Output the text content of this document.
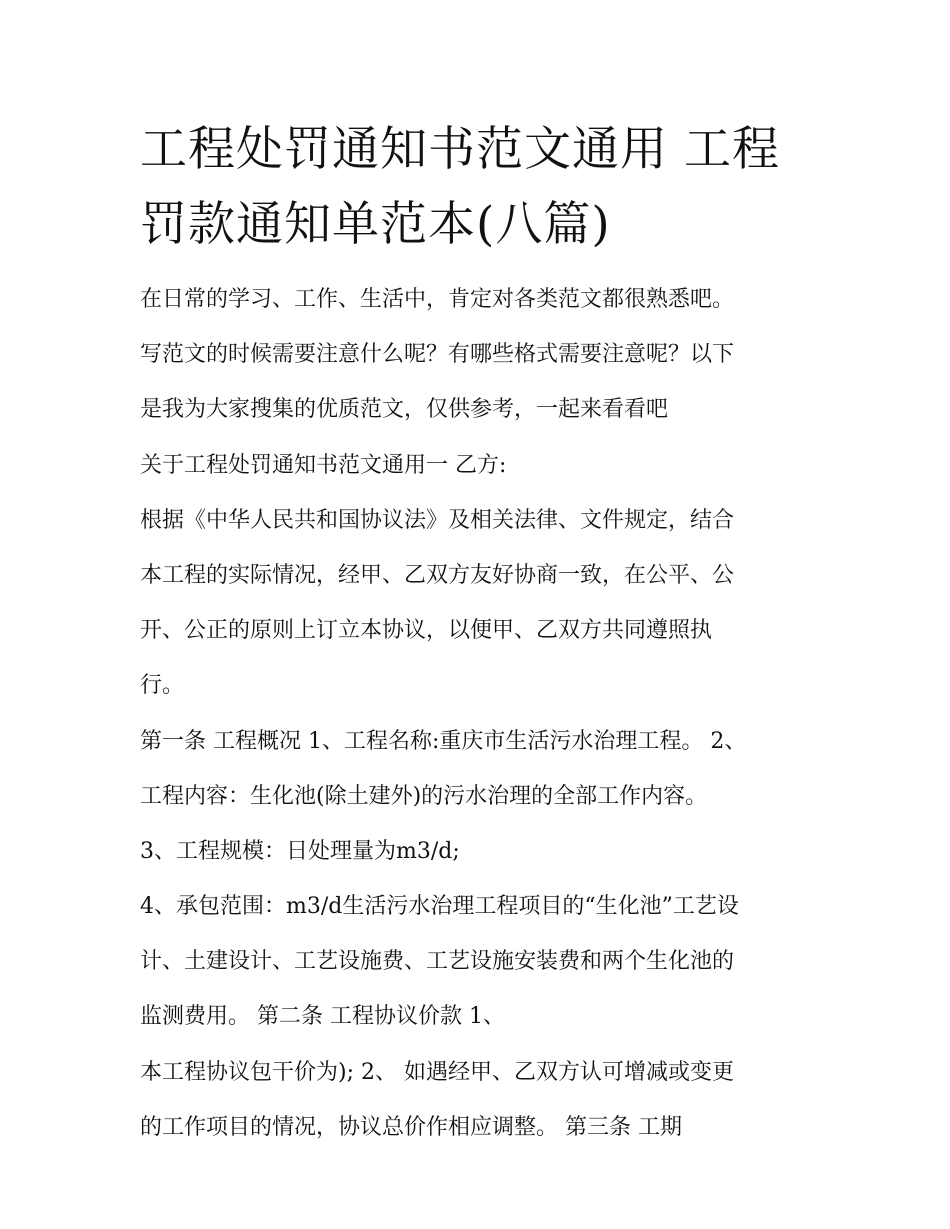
工程处罚通知书范文通用 工程
罚款通知单范本(八篇)
在日常的学习、工作、生活中，肯定对各类范文都很熟悉吧。
写范文的时候需要注意什么呢？有哪些格式需要注意呢？以下
是我为大家搜集的优质范文，仅供参考，一起来看看吧
关于工程处罚通知书范文通用一 乙方:
根据《中华人民共和国协议法》及相关法律、文件规定，结合
本工程的实际情况，经甲、乙双方友好协商一致，在公平、公
开、公正的原则上订立本协议，以便甲、乙双方共同遵照执
行。
第一条 工程概况 1、工程名称:重庆市生活污水治理工程。 2、
工程内容：生化池(除土建外)的污水治理的全部工作内容。
3、工程规模：日处理量为m3/d;
4、承包范围：m3/d生活污水治理工程项目的“生化池”工艺设
计、土建设计、工艺设施费、工艺设施安装费和两个生化池的
监测费用。 第二条 工程协议价款 1、
本工程协议包干价为); 2、 如遇经甲、乙双方认可增减或变更
的工作项目的情况，协议总价作相应调整。 第三条 工期
